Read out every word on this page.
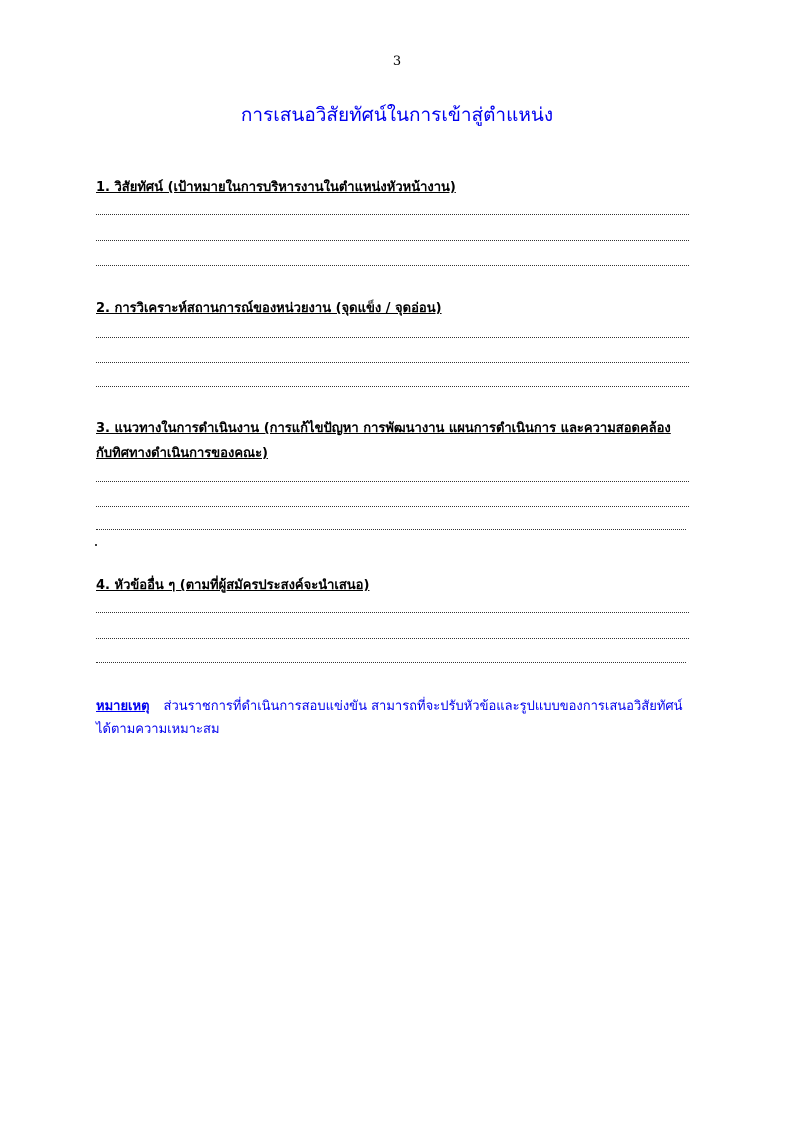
3
การเสนอวิสัยทัศน์ในการเข้าสู่ตำแหน่ง
1. วิสัยทัศน์ (เป้าหมายในการบริหารงานในตำแหน่งหัวหน้างาน)
2. การวิเคราะห์สถานการณ์ของหน่วยงาน (จุดแข็ง / จุดอ่อน)
3. แนวทางในการดำเนินงาน (การแก้ไขปัญหา การพัฒนางาน แผนการดำเนินการ และความสอดคล้อง
กับทิศทางดำเนินการของคณะ)
4. หัวข้ออื่น ๆ (ตามที่ผู้สมัครประสงค์จะนำเสนอ)
หมายเหตุ ส่วนราชการที่ดำเนินการสอบแข่งขัน สามารถที่จะปรับหัวข้อและรูปแบบของการเสนอวิสัยทัศน์ได้ตามความเหมาะสม
